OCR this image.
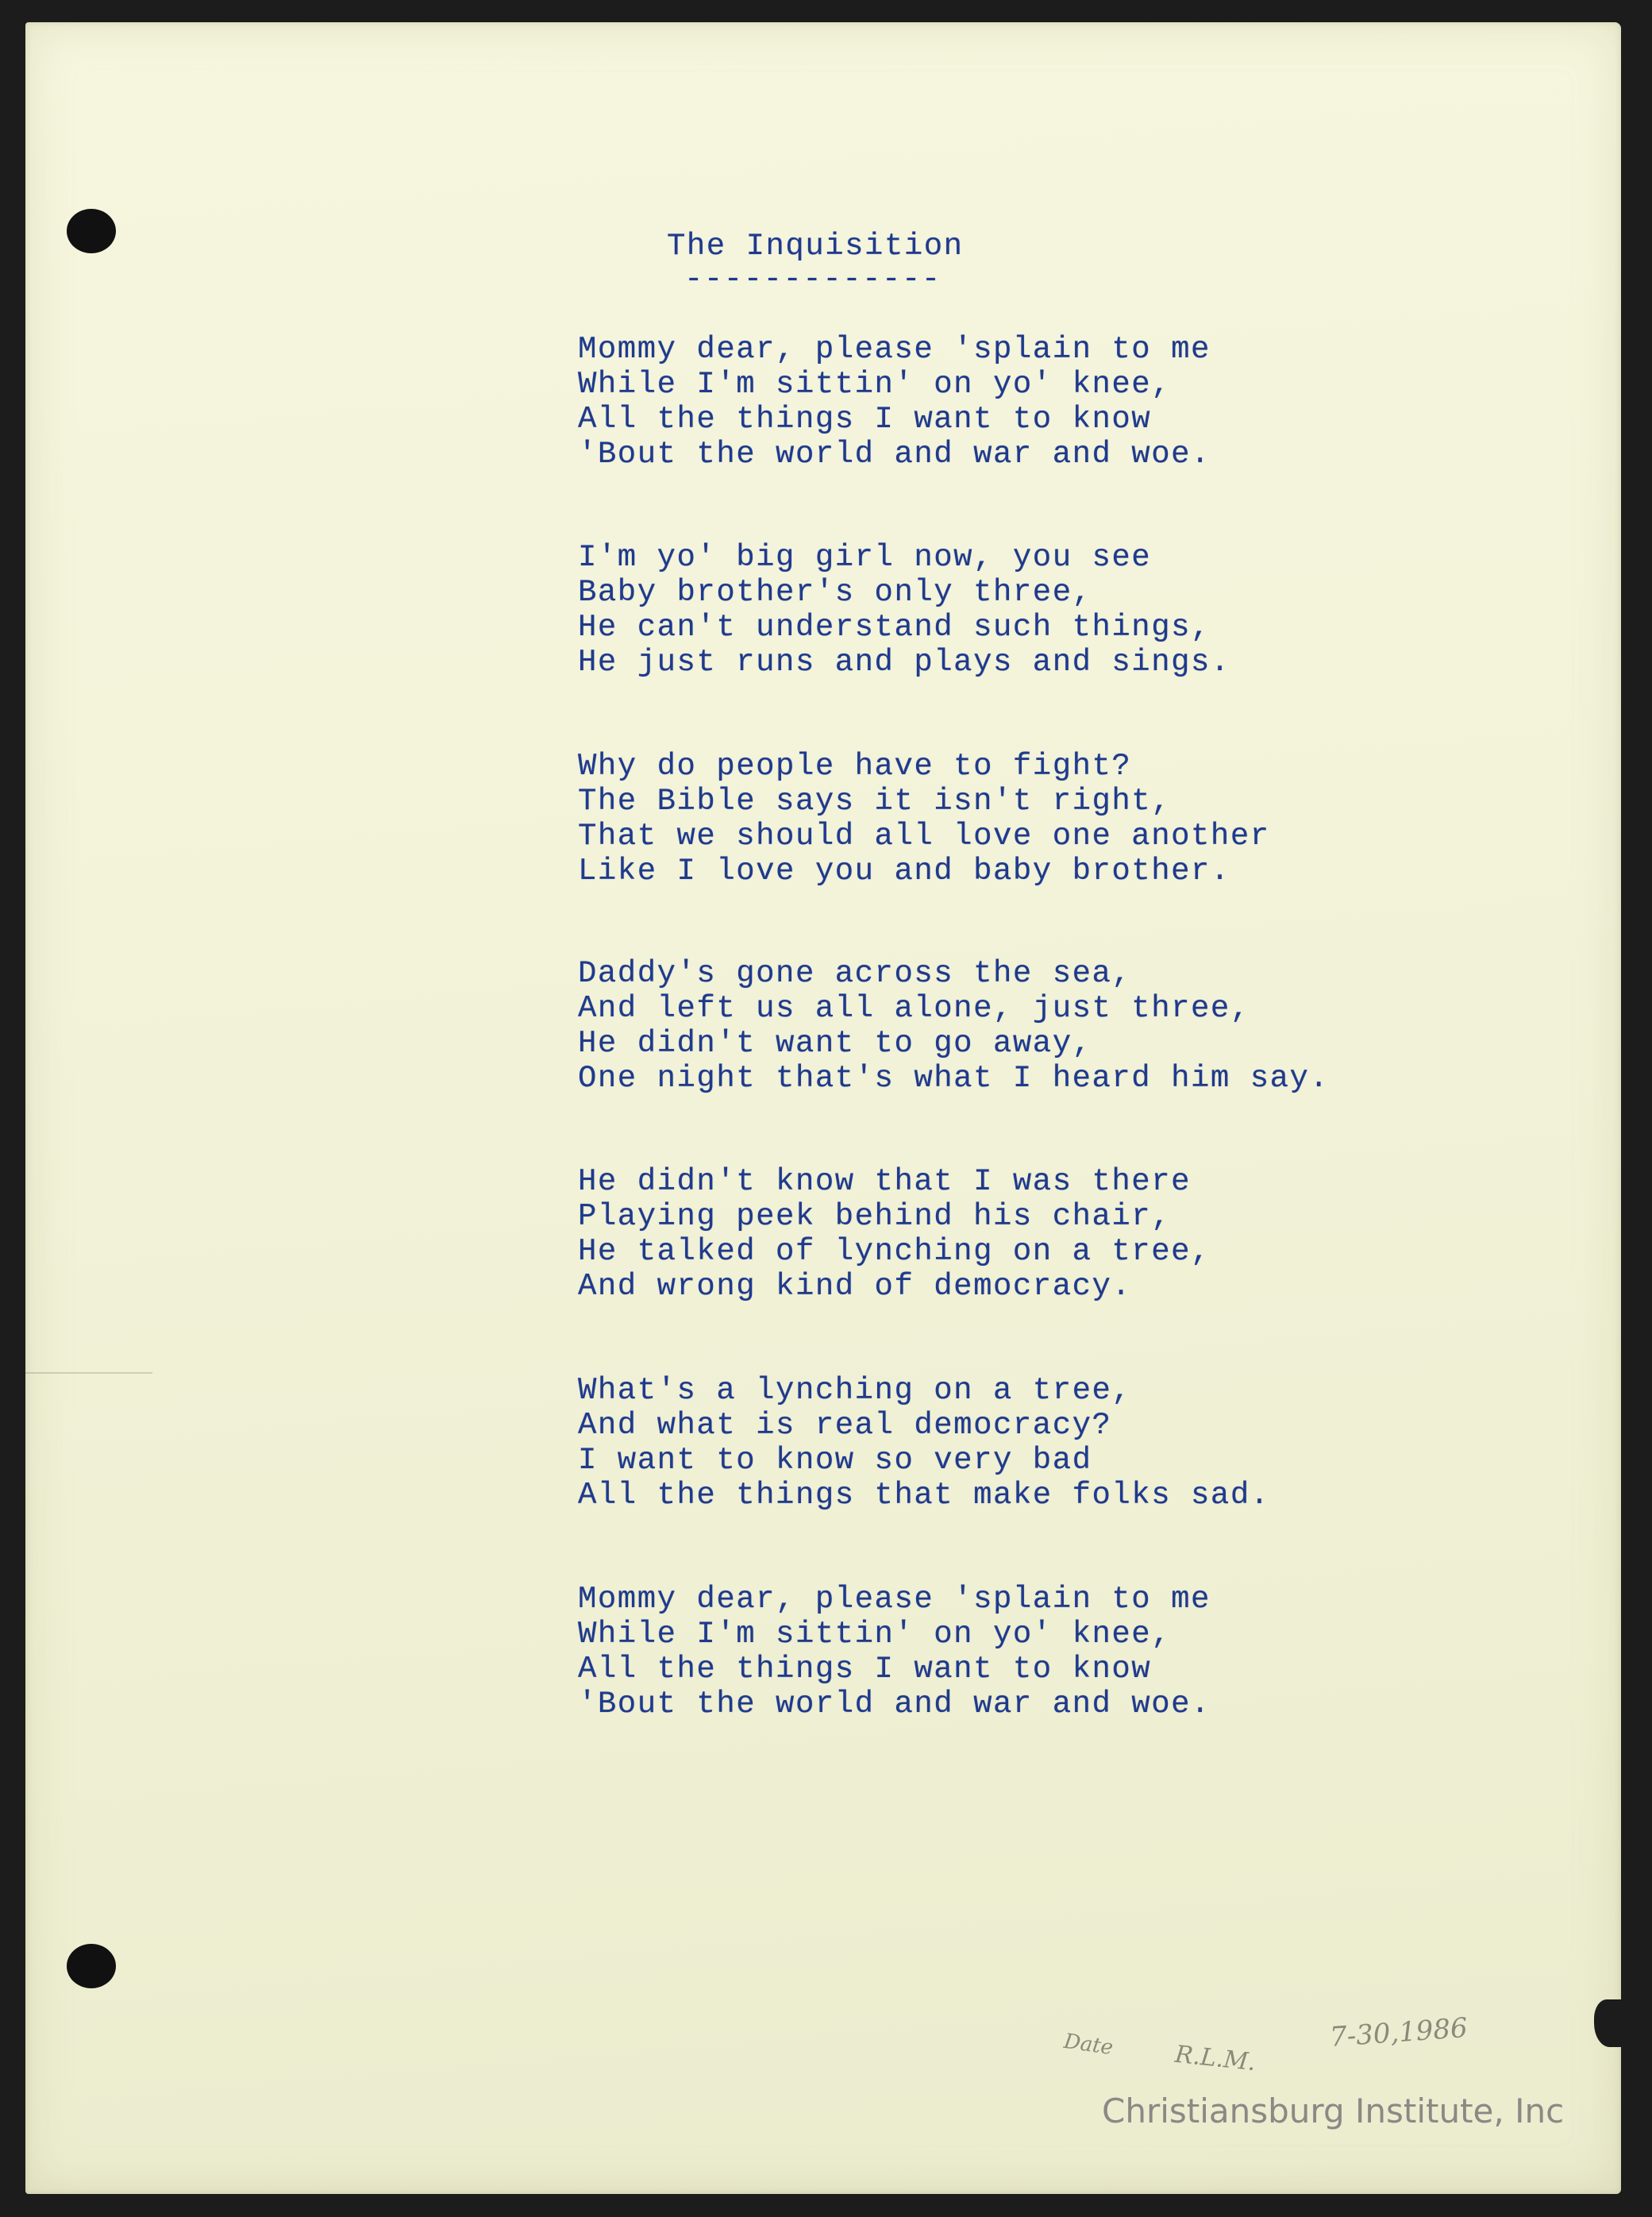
The Inquisition
-------------
Mommy dear, please 'splain to me
While I'm sittin' on yo' knee,
All the things I want to know
'Bout the world and war and woe.
I'm yo' big girl now, you see
Baby brother's only three,
He can't understand such things,
He just runs and plays and sings.
Why do people have to fight?
The Bible says it isn't right,
That we should all love one another
Like I love you and baby brother.
Daddy's gone across the sea,
And left us all alone, just three,
He didn't want to go away,
One night that's what I heard him say.
He didn't know that I was there
Playing peek behind his chair,
He talked of lynching on a tree,
And wrong kind of democracy.
What's a lynching on a tree,
And what is real democracy?
I want to know so very bad
All the things that make folks sad.
Mommy dear, please 'splain to me
While I'm sittin' on yo' knee,
All the things I want to know
'Bout the world and war and woe.
Date R.L.M.
7-30,1986
Christiansburg Institute, Inc
